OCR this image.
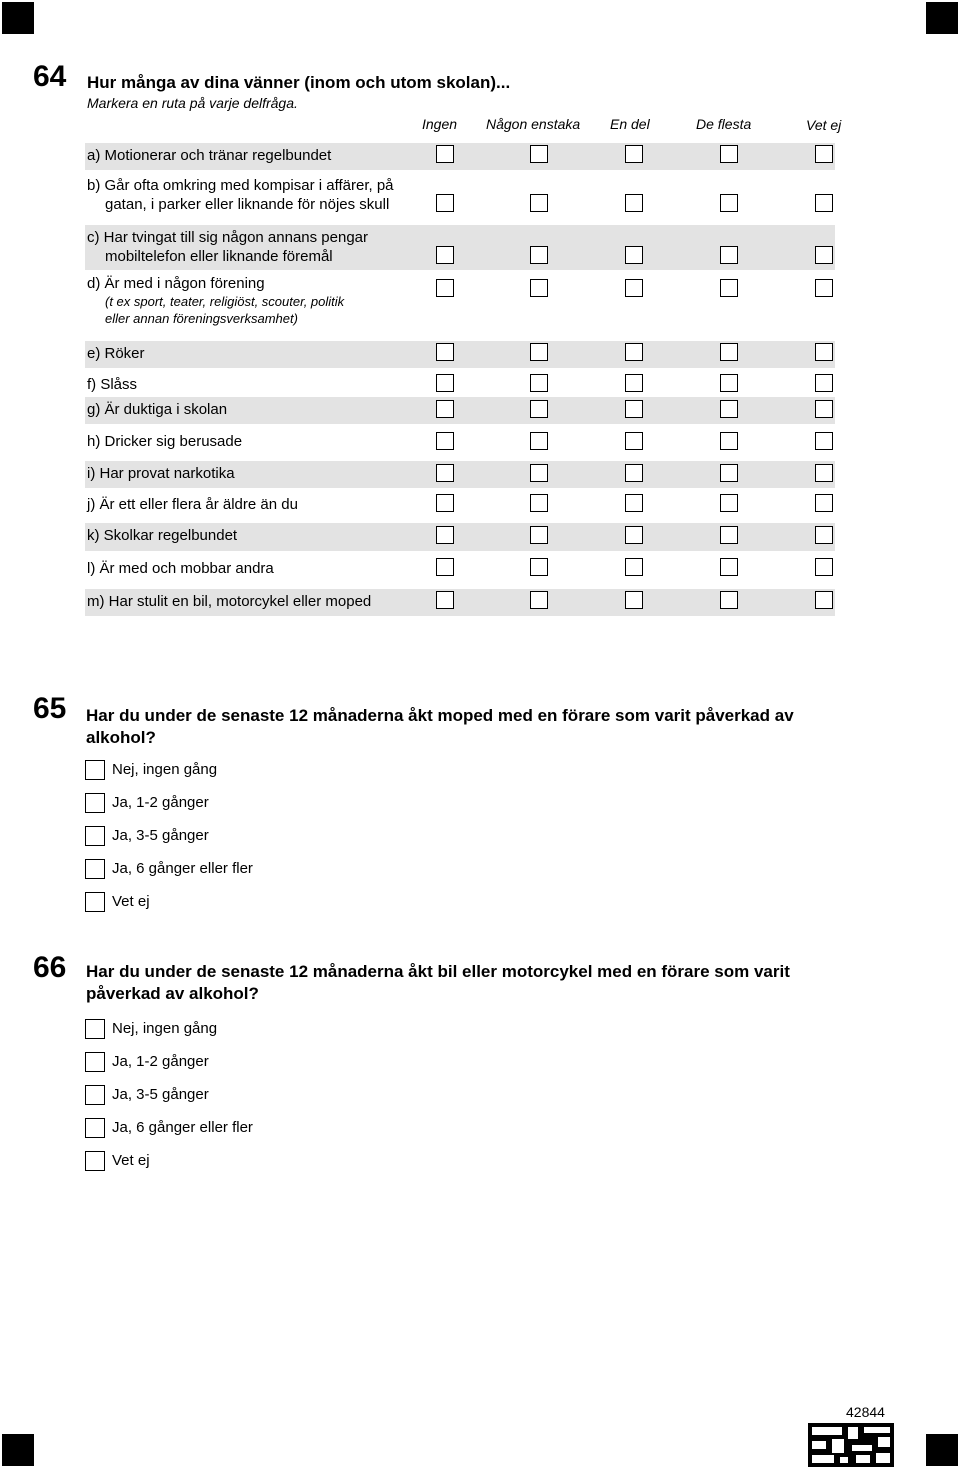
64 Hur många av dina vänner (inom och utom skolan)...
Markera en ruta på varje delfråga.
Ingen Någon enstaka En del	De flesta	Vet ej
a) Motionerar och tränar regelbundet
b) Går ofta omkring med kompisar i affärer, på
gatan, i parker eller liknande för nöjes skull
c) Har tvingat till sig någon annans pengar
mobiltelefon eller liknande föremål
d) Är med i någon förening
(t ex sport, teater, religiöst, scouter, politik
eller annan föreningsverksamhet)
e) Röker
f) Slåss
g) Är duktiga i skolan
h) Dricker sig berusade
i) Har provat narkotika
j) Är ett eller flera år äldre än du
k) Skolkar regelbundet
l) Är med och mobbar andra
m) Har stulit en bil, motorcykel eller moped
65 Har du under de senaste 12 månaderna åkt moped med en förare som varit påverkad av
alkohol?
Nej, ingen gång
Ja, 1-2 gånger
Ja, 3-5 gånger
Ja, 6 gånger eller fler
Vet ej
66 Har du under de senaste 12 månaderna åkt bil eller motorcykel med en förare som varit
påverkad av alkohol?
Nej, ingen gång
Ja, 1-2 gånger
Ja, 3-5 gånger
Ja, 6 gånger eller fler
Vet ej
42844
